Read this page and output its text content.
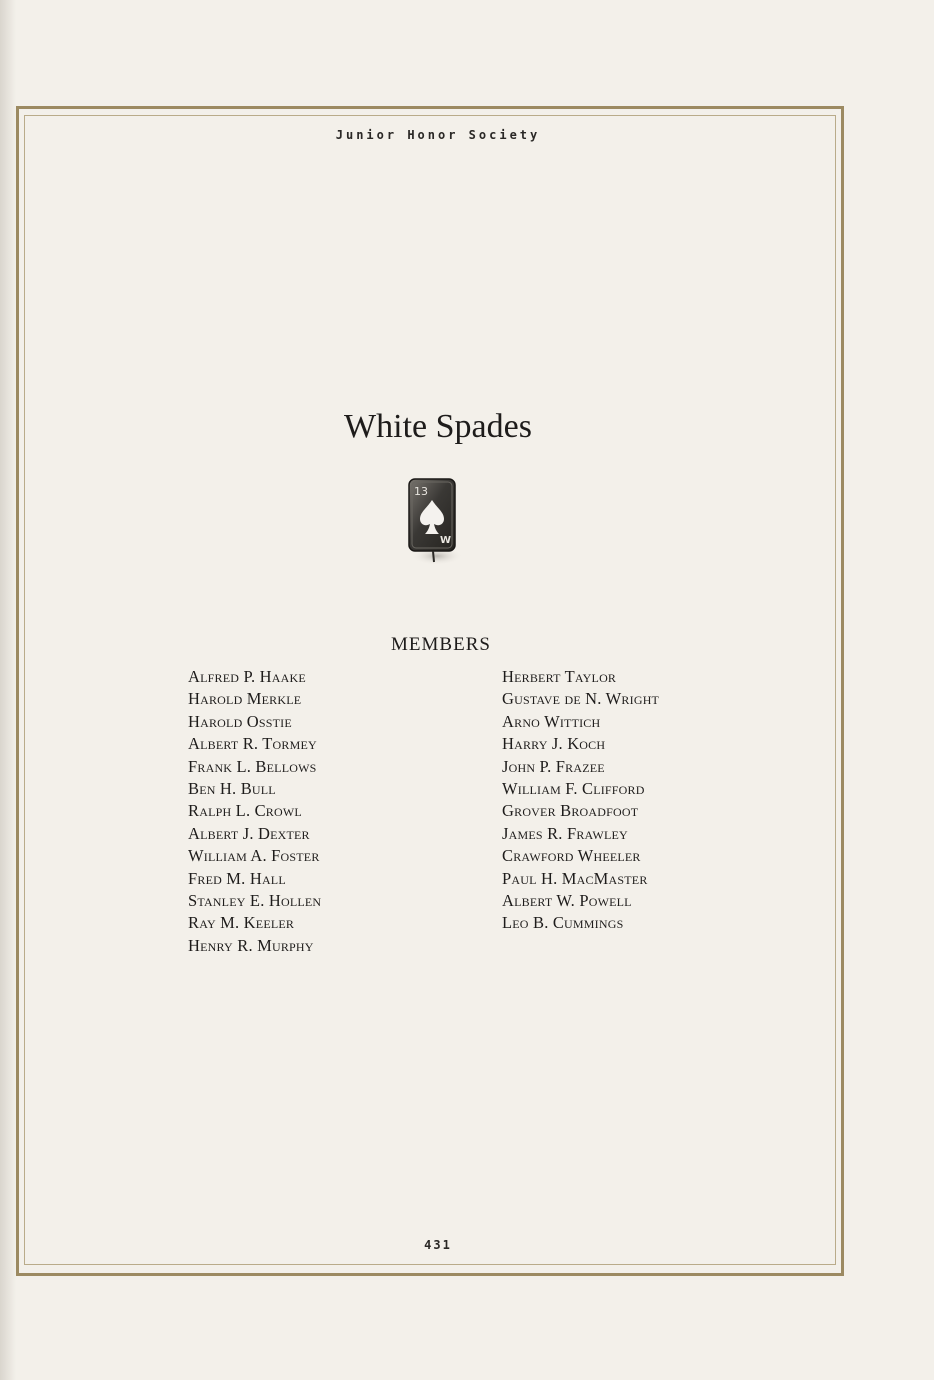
Junior Honor Society
White Spades
13
W
MEMBERS
Alfred P. Haake
Harold Merkle
Harold Osstie
Albert R. Tormey
Frank L. Bellows
Ben H. Bull
Ralph L. Crowl
Albert J. Dexter
William A. Foster
Fred M. Hall
Stanley E. Hollen
Ray M. Keeler
Henry R. Murphy
Herbert Taylor
Gustave de N. Wright
Arno Wittich
Harry J. Koch
John P. Frazee
William F. Clifford
Grover Broadfoot
James R. Frawley
Crawford Wheeler
Paul H. MacMaster
Albert W. Powell
Leo B. Cummings
431
